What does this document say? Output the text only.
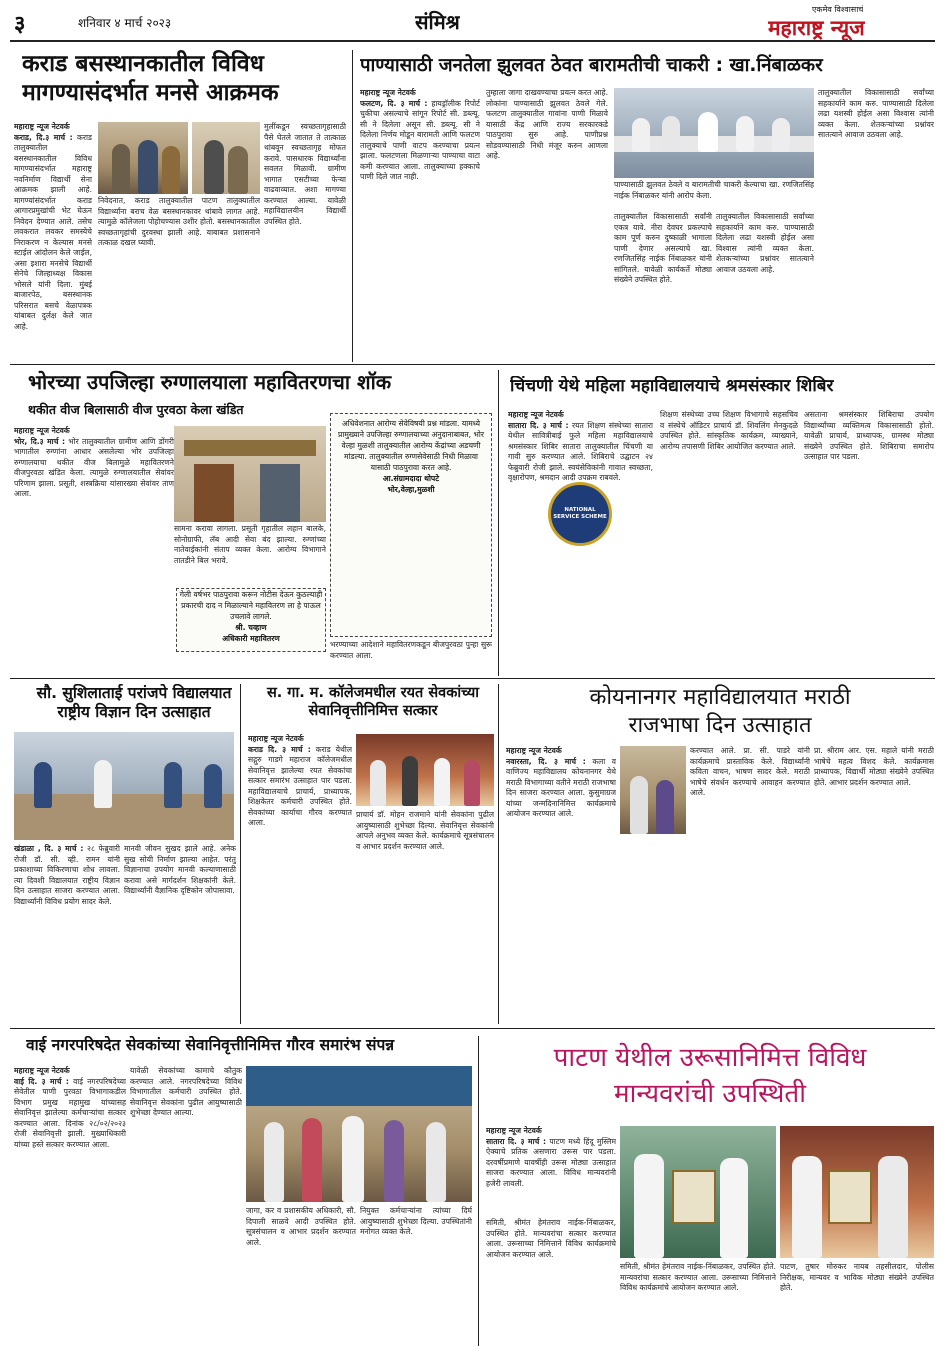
३	शनिवार ४ मार्च २०२३	संमिश्र
एकमेव विश्वासाचं
महाराष्ट्र न्यूज
कराड बसस्थानकातील विविध
मागण्यासंदर्भात मनसे आक्रमक
महाराष्ट्र न्यूज नेटवर्क
कराड, दि.३ मार्च : कराड तालुक्यातील बसस्थानकातील विविध मागण्यासंदर्भात महाराष्ट्र नवनिर्माण विद्यार्थी सेना आक्रमक झाली आहे. मागण्यांसंदर्भात कराड आगारप्रमुखांची भेट घेऊन निवेदन देण्यात आले. तसेच लवकरात लवकर समस्येचे निराकरण न केल्यास मनसे स्टाईल आंदोलन केले जाईल, असा इशारा मनसेचे विद्यार्थी सेनेचे जिल्हाध्यक्ष विकास भोसले यांनी दिला. मुंबई बाजारपेठ, बसस्थानक परिसरात बसचे वेळापत्रक यांबाबत दुर्लक्ष केले जात आहे.
निवेदनात, कराड तालुक्यातील पाटण तालुक्यातील विद्यार्थ्यांना बराच वेळ बसस्थानकावर थांबावे लागत आहे. त्यामुळे कॉलेजला पोहोचण्यास उशीर होतो. बसस्थानकातील स्वच्छतागृहांची दुरवस्था झाली आहे. याबाबत प्रशासनाने तत्काळ दखल घ्यावी.
मुलींकडून स्वच्छतागृहासाठी पैसे घेतले जातात ते तात्काळ थांबवून स्वच्छतागृह मोफत करावे. पासधारक विद्यार्थ्यांना सवलत मिळावी. ग्रामीण भागात एसटीच्या फेऱ्या वाढवाव्यात. अशा मागण्या करण्यात आल्या. यावेळी महाविद्यालयीन विद्यार्थी उपस्थित होते.
पाण्यासाठी जनतेला झुलवत ठेवत बारामतीची चाकरी : खा.निंबाळकर
महाराष्ट्र न्यूज नेटवर्क
फलटण, दि. ३ मार्च : हायड्रॉलीक रिपोर्ट चुकीचा असल्याचे सांगून रिपोर्ट सी. डब्ल्यू. सी ने दिलेला असून सी. डब्ल्यू. सी ने दिलेला निर्णय मोडून बारामती आणि फलटण तालुक्याचे पाणी वाटप करण्याचा प्रयत्न झाला. फलटणला मिळणाऱ्या पाण्याचा वाटा कमी करण्यात आला. तालुक्याच्या हक्काचे पाणी दिले जात नाही.
तुम्हाला जागा दाखवण्याचा प्रयत्न करत आहे. लोकांना पाण्यासाठी झुलवत ठेवले गेले. फलटण तालुक्यातील गावांना पाणी मिळावे यासाठी केंद्र आणि राज्य सरकारकडे पाठपुरावा सुरु आहे. पाणीप्रश्न सोडवण्यासाठी निधी मंजूर करुन आणला आहे.
पाण्यासाठी झुलवत ठेवले व बारामतीची चाकरी केल्याचा खा. रणजितसिंह नाईक निंबाळकर यांनी आरोप केला.
तालुक्यातील विकासासाठी सर्वांनी एकत्र यावे. नीरा देवघर प्रकल्पाचे काम पूर्ण करुन दुष्काळी भागाला पाणी देणार असल्याचे खा. रणजितसिंह नाईक निंबाळकर यांनी सांगितले. यावेळी कार्यकर्ते मोठ्या संख्येने उपस्थित होते.
तालुक्यातील विकासासाठी सर्वांच्या सहकार्याने काम करु. पाण्यासाठी दिलेला लढा यशस्वी होईल असा विश्वास त्यांनी व्यक्त केला. शेतकऱ्यांच्या प्रश्नांवर सातत्याने आवाज उठवला आहे.
तालुक्यातील विकासासाठी सर्वांच्या सहकार्याने काम करु. पाण्यासाठी दिलेला लढा यशस्वी होईल असा विश्वास त्यांनी व्यक्त केला. शेतकऱ्यांच्या प्रश्नांवर सातत्याने आवाज उठवला आहे.
भोरच्या उपजिल्हा रुग्णालयाला महावितरणचा शॉक
थकीत वीज बिलासाठी वीज पुरवठा केला खंडित
महाराष्ट्र न्यूज नेटवर्क
भोर, दि.३ मार्च : भोर तालुक्यातील ग्रामीण आणि डोंगरी भागातील रुग्णांना आधार असलेल्या भोर उपजिल्हा रुग्णालयाचा थकीत वीज बिलामुळे महावितरणने वीजपुरवठा खंडित केला. त्यामुळे रुग्णालयातील सेवांवर परिणाम झाला. प्रसूती, शस्त्रक्रिया यांसारख्या सेवांवर ताण आला.
सामना करावा लागला. प्रसूती गृहातील लहान बालके, सोनोग्राफी, लॅब आदी सेवा बंद झाल्या. रुग्णांच्या नातेवाईकांनी संताप व्यक्त केला. आरोग्य विभागाने तातडीने बिल भरावे.
गेली वर्षभर पाठपुरावा करून नोटीस देऊन कुठल्याही प्रकारची दाद न मिळाल्याने महावितरण ला हे पाऊल उचलावे लागले.
श्री. चव्हाण
अधिकारी महावितरण
अधिवेशनात आरोग्य सेवेविषयी प्रश्न मांडला. यामध्ये प्रामुख्याने उपजिल्हा रुग्णालयाच्या अनुदानाबाबत, भोर वेल्हा मुळशी तालुक्यातील आरोग्य केंद्रांच्या अडचणी मांडल्या. तालुक्यातील रुग्णसेवेसाठी निधी मिळावा यासाठी पाठपुरावा करत आहे.
आ.संग्रामदादा थोपटे
भोर,वेल्हा,मुळशी
भरण्याच्या आदेशाने महावितरणकडून बीजपुरवठा पुन्हा सुरू करण्यात आला.
चिंचणी येथे महिला महाविद्यालयाचे श्रमसंस्कार शिबिर
महाराष्ट्र न्यूज नेटवर्क
सातारा दि. ३ मार्च : रयत शिक्षण संस्थेच्या सातारा येथील सावित्रीबाई फुले महिला महाविद्यालयाचे श्रमसंस्कार शिबिर सातारा तालुक्यातील चिंचणी या गावी सुरु करण्यात आले. शिबिराचे उद्घाटन २४ फेब्रुवारी रोजी झाले. स्वयंसेविकांनी गावात स्वच्छता, वृक्षारोपण, श्रमदान आदी उपक्रम राबवले.
NATIONAL SERVICE SCHEME
शिक्षण संस्थेच्या उच्च शिक्षण विभागाचे सहसचिव व संस्थेचे ऑडिटर प्राचार्य डॉ. शिवलिंग मेनकुदळे उपस्थित होते. सांस्कृतिक कार्यक्रम, व्याख्याने, आरोग्य तपासणी शिबिर आयोजित करण्यात आले.
असताना श्रमसंस्कार शिबिराचा उपयोग विद्यार्थ्यांच्या व्यक्तिमत्व विकासासाठी होतो. यावेळी प्राचार्य, प्राध्यापक, ग्रामस्थ मोठ्या संख्येने उपस्थित होते. शिबिराचा समारोप उत्साहात पार पडला.
सौ. सुशिलाताई परांजपे विद्यालयात
राष्ट्रीय विज्ञान दिन उत्साहात
खंडाळा , दि. ३ मार्च : २८ फेब्रुवारी रोजी डॉ. सी. व्ही. रामन यांनी प्रकाशाच्या विकिरणाचा शोध लावला. त्या दिवशी विद्यालयात राष्ट्रीय विज्ञान दिन उत्साहात साजरा करण्यात आला. विद्यार्थ्यांनी विविध प्रयोग सादर केले.
मानवी जीवन सुखद झाले आहे. अनेक सुख सोयी निर्माण झाल्या आहेत. परंतु विज्ञानाचा उपयोग मानवी कल्याणासाठी करावा असे मार्गदर्शन शिक्षकांनी केले. विद्यार्थ्यांनी वैज्ञानिक दृष्टिकोन जोपासावा.
स. गा. म. कॉलेजमधील रयत सेवकांच्या
सेवानिवृत्तीनिमित्त सत्कार
महाराष्ट्र न्यूज नेटवर्क
कराड दि. ३ मार्च : कराड येथील सद्गुरु गाडगे महाराज कॉलेजमधील सेवानिवृत्त झालेल्या रयत सेवकांचा सत्कार समारंभ उत्साहात पार पडला. महाविद्यालयाचे प्राचार्य, प्राध्यापक, शिक्षकेतर कर्मचारी उपस्थित होते. सेवकांच्या कार्याचा गौरव करण्यात आला.
प्राचार्य डॉ. मोहन राजमाने यांनी सेवकांना पुढील आयुष्यासाठी शुभेच्छा दिल्या. सेवानिवृत्त सेवकांनी आपले अनुभव व्यक्त केले. कार्यक्रमाचे सूत्रसंचालन व आभार प्रदर्शन करण्यात आले.
कोयनानगर महाविद्यालयात मराठी
राजभाषा दिन उत्साहात
महाराष्ट्र न्यूज नेटवर्क
नवारस्ता, दि. ३ मार्च : कला व वाणिज्य महाविद्यालय कोयनानगर येथे मराठी विभागाच्या वतीने मराठी राजभाषा दिन साजरा करण्यात आला. कुसुमाग्रज यांच्या जन्मदिनानिमित्त कार्यक्रमाचे आयोजन करण्यात आले.
करण्यात आले. प्रा. सी. पाडरे यांनी कार्यक्रमाचे प्रास्ताविक केले. विद्यार्थ्यांनी कविता वाचन, भाषण सादर केले. मराठी भाषेचे संवर्धन करण्याचे आवाहन करण्यात आले.
प्रा. श्रीराम आर. एस. महाले यांनी मराठी भाषेचे महत्व विशद केले. कार्यक्रमास प्राध्यापक, विद्यार्थी मोठ्या संख्येने उपस्थित होते. आभार प्रदर्शन करण्यात आले.
वाई नगरपरिषदेत सेवकांच्या सेवानिवृत्तीनिमित्त गौरव समारंभ संपन्न
महाराष्ट्र न्यूज नेटवर्क
वाई दि. ३ मार्च : वाई नगरपरिषदेच्या सेवेतील पाणी पुरवठा विभागाकडील विभाग प्रमुख महामुख यांच्यासह सेवानिवृत्त झालेल्या कर्मचाऱ्यांचा सत्कार करण्यात आला. दिनांक २८/०२/२०२३ रोजी सेवानिवृत्ती झाली. मुख्याधिकारी यांच्या हस्ते सत्कार करण्यात आला.
यावेळी सेवकांच्या कामाचे कौतुक करण्यात आले. नगरपरिषदेच्या विविध विभागातील कर्मचारी उपस्थित होते. सेवानिवृत्त सेवकांना पुढील आयुष्यासाठी शुभेच्छा देण्यात आल्या.
जागा, कर व प्रशासकीय अधिकारी, सौ. दिपाली साळवे आदी उपस्थित होते. सूत्रसंचालन व आभार प्रदर्शन करण्यात आले.
नियुक्त कर्मचाऱ्यांना त्यांच्या दिर्घ आयुष्यासाठी शुभेच्छा दिल्या. उपस्थितांनी मनोगत व्यक्त केले.
पाटण येथील उरूसानिमित्त विविध
मान्यवरांची उपस्थिती
महाराष्ट्र न्यूज नेटवर्क
सातारा दि. ३ मार्च : पाटण मध्ये हिंदू मुस्लिम ऐक्याचे प्रतिक असणारा उरूस पार पडला. दरवर्षीप्रमाणे यावर्षीही उरूस मोठ्या उत्साहात साजरा करण्यात आला. विविध मान्यवरांनी हजेरी लावली.
समिती, श्रीमंत हेमंतराव नाईक-निंबाळकर, उपस्थित होते. मान्यवरांचा सत्कार करण्यात आला. उरूसाच्या निमित्ताने विविध कार्यक्रमांचे आयोजन करण्यात आले.
समिती, श्रीमंत हेमंतराव नाईक-निंबाळकर, उपस्थित होते. मान्यवरांचा सत्कार करण्यात आला. उरूसाच्या निमित्ताने विविध कार्यक्रमांचे आयोजन करण्यात आले.
पाटण, तुषार मोरुकर नायब तहसीलदार, पोलीस निरीक्षक, मान्यवर व भाविक मोठ्या संख्येने उपस्थित होते.
